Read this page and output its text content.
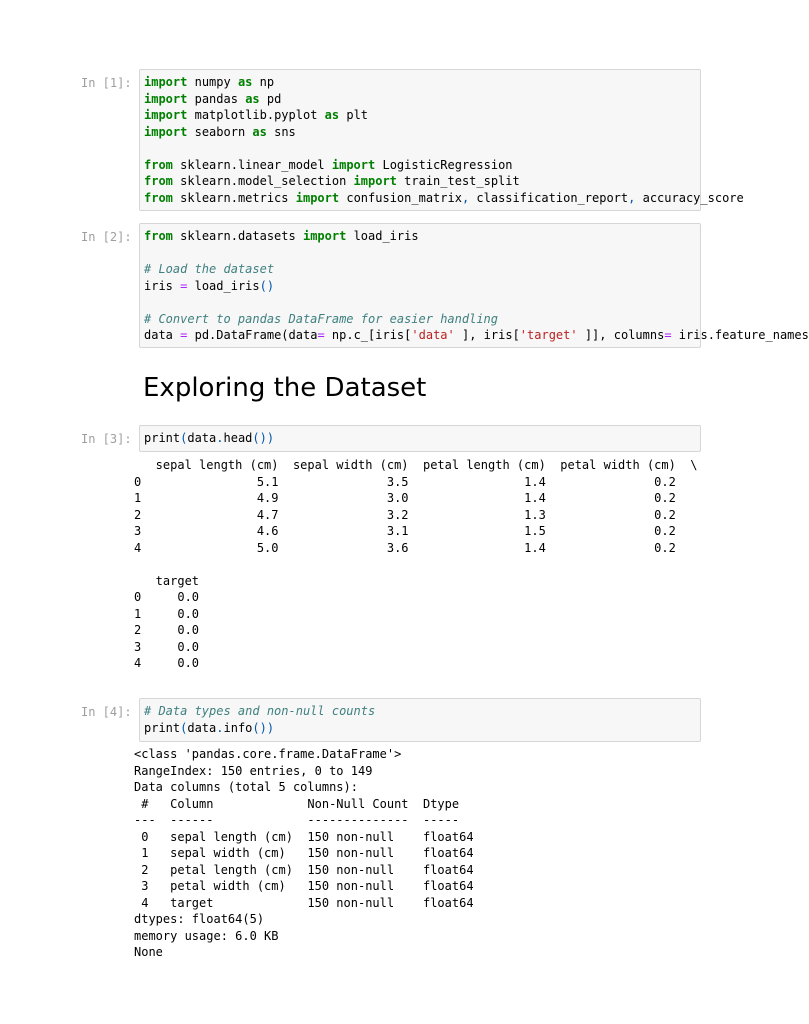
In [1]:	import numpy as np
import pandas as pd
import matplotlib.pyplot as plt
import seaborn as sns

from sklearn.linear_model import LogisticRegression
from sklearn.model_selection import train_test_split
from sklearn.metrics import confusion_matrix, classification_report, accuracy_score
In [2]:	from sklearn.datasets import load_iris

# Load the dataset
iris = load_iris()

# Convert to pandas DataFrame for easier handling
data = pd.DataFrame(data= np.c_[iris['data' ], iris['target' ]], columns= iris.feature_names
Exploring the Dataset
In [3]:	print(data.head())
sepal length (cm)  sepal width (cm)  petal length (cm)  petal width (cm)  \
0                5.1               3.5                1.4               0.2
1                4.9               3.0                1.4               0.2
2                4.7               3.2                1.3               0.2
3                4.6               3.1                1.5               0.2
4                5.0               3.6                1.4               0.2

target
0     0.0
1     0.0
2     0.0
3     0.0
4     0.0
In [4]:	# Data types and non-null counts
print(data.info())
<class 'pandas.core.frame.DataFrame'>
RangeIndex: 150 entries, 0 to 149
Data columns (total 5 columns):
#   Column             Non-Null Count  Dtype
---  ------             --------------  -----
0   sepal length (cm)  150 non-null    float64
1   sepal width (cm)   150 non-null    float64
2   petal length (cm)  150 non-null    float64
3   petal width (cm)   150 non-null    float64
4   target             150 non-null    float64
dtypes: float64(5)
memory usage: 6.0 KB
None
